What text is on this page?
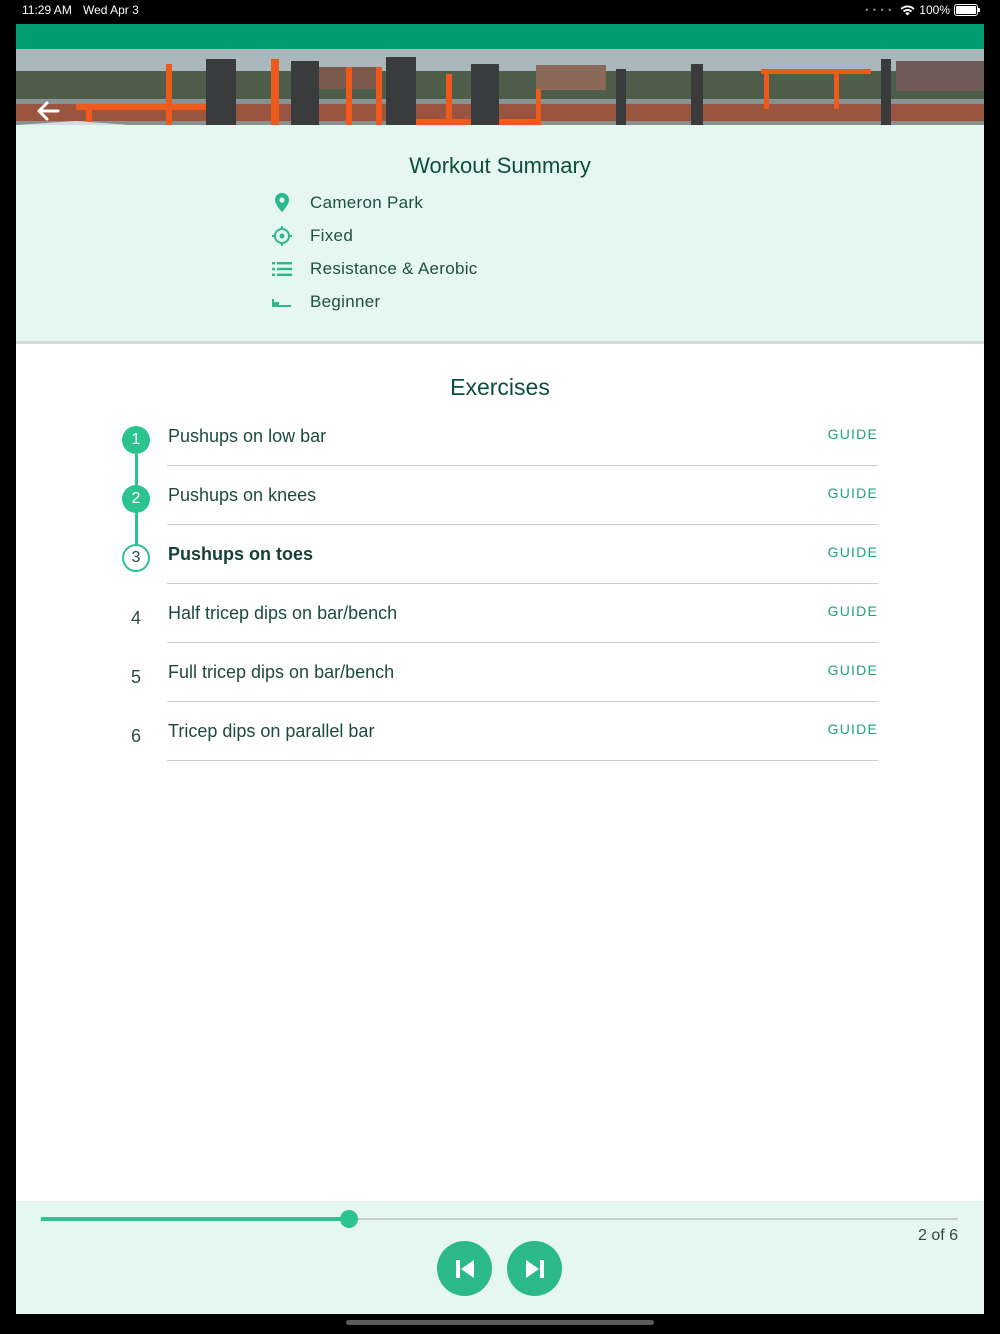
11:29 AM Wed Apr 3	• • • • 100%
Workout Summary
Cameron Park
Fixed
Resistance & Aerobic
Beginner
Exercises
1	Pushups on low bar	GUIDE
2	Pushups on knees	GUIDE
3	Pushups on toes	GUIDE
4	Half tricep dips on bar/bench	GUIDE
5	Full tricep dips on bar/bench	GUIDE
6	Tricep dips on parallel bar	GUIDE
2 of 6
